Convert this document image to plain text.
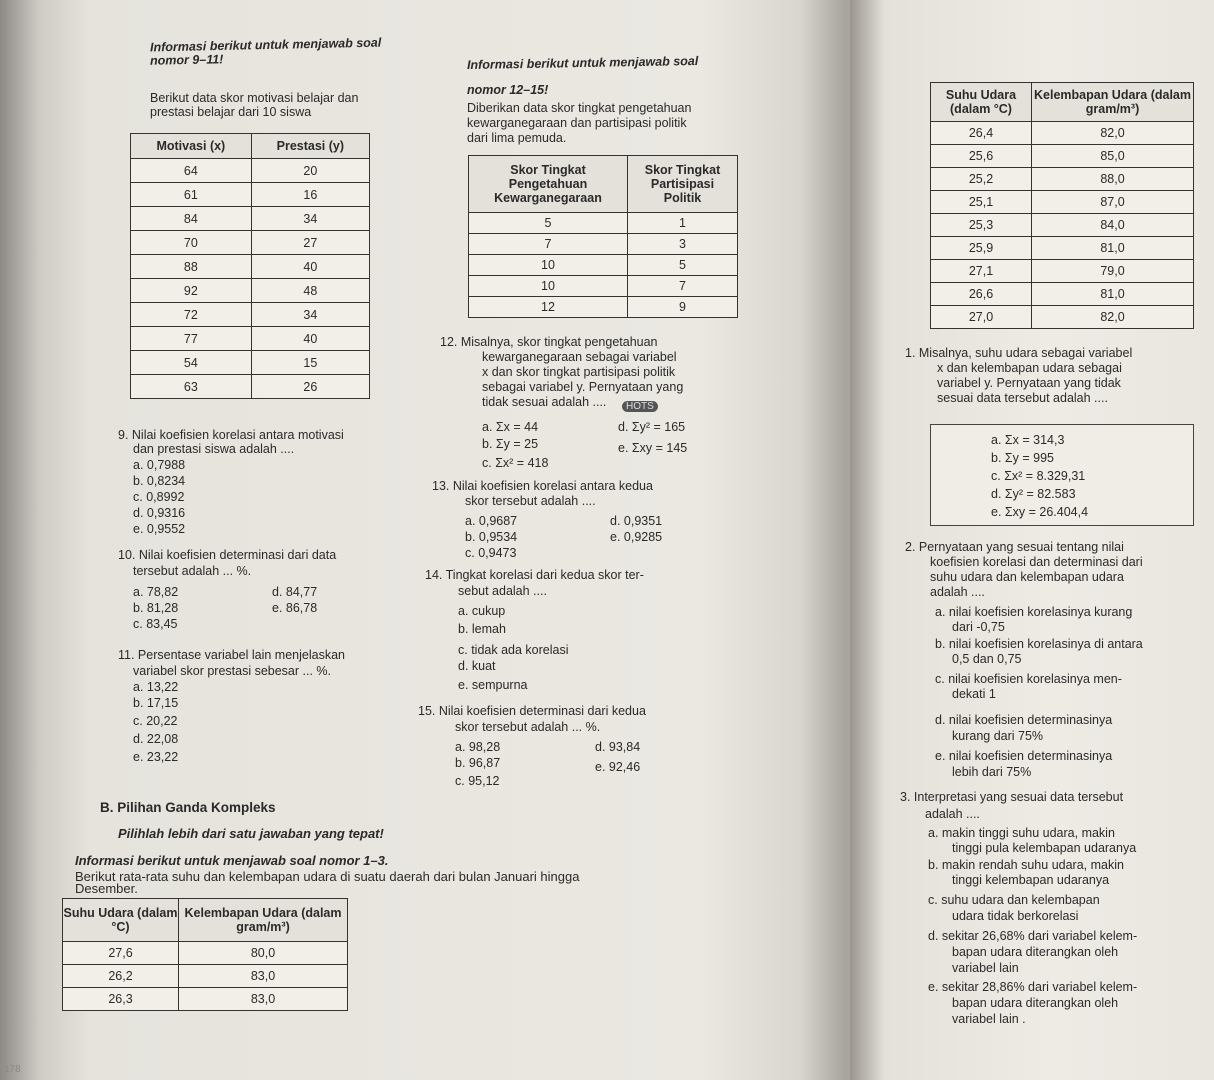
Informasi berikut untuk menjawab soal
nomor 9–11!
Berikut data skor motivasi belajar dan
prestasi belajar dari 10 siswa
Motivasi (x)	Prestasi (y)
64	20
61	16
84	34
70	27
88	40
92	48
72	34
77	40
54	15
63	26
9. Nilai koefisien korelasi antara motivasi
dan prestasi siswa adalah ....
a. 0,7988
b. 0,8234
c. 0,8992
d. 0,9316
e. 0,9552
10. Nilai koefisien determinasi dari data
tersebut adalah ... %.
a. 78,82	d. 84,77
b. 81,28	e. 86,78
c. 83,45
11. Persentase variabel lain menjelaskan
variabel skor prestasi sebesar ... %.
a. 13,22
b. 17,15
c. 20,22
d. 22,08
e. 23,22
B. Pilihan Ganda Kompleks
Pilihlah lebih dari satu jawaban yang tepat!
Informasi berikut untuk menjawab soal nomor 1–3.
Berikut rata-rata suhu dan kelembapan udara di suatu daerah dari bulan Januari hingga
Desember.
Suhu Udara (dalam °C)	Kelembapan Udara (dalam gram/m³)
27,6	80,0
26,2	83,0
26,3	83,0
178
Informasi berikut untuk menjawab soal
nomor 12–15!
Diberikan data skor tingkat pengetahuan
kewarganegaraan dan partisipasi politik
dari lima pemuda.
Skor Tingkat Pengetahuan Kewarganegaraan	Skor Tingkat Partisipasi Politik
5	1
7	3
10	5
10	7
12	9
12. Misalnya, skor tingkat pengetahuan
kewarganegaraan sebagai variabel
x dan skor tingkat partisipasi politik
sebagai variabel y. Pernyataan yang
tidak sesuai adalah ....	HOTS
a. Σx = 44	d. Σy² = 165
b. Σy = 25	e. Σxy = 145
c. Σx² = 418
13. Nilai koefisien korelasi antara kedua
skor tersebut adalah ....
a. 0,9687	d. 0,9351
b. 0,9534	e. 0,9285
c. 0,9473
14. Tingkat korelasi dari kedua skor ter-
sebut adalah ....
a. cukup
b. lemah
c. tidak ada korelasi
d. kuat
e. sempurna
15. Nilai koefisien determinasi dari kedua
skor tersebut adalah ... %.
a. 98,28	d. 93,84
b. 96,87	e. 92,46
c. 95,12
Suhu Udara (dalam °C)	Kelembapan Udara (dalam gram/m³)
26,4	82,0
25,6	85,0
25,2	88,0
25,1	87,0
25,3	84,0
25,9	81,0
27,1	79,0
26,6	81,0
27,0	82,0
1. Misalnya, suhu udara sebagai variabel
x dan kelembapan udara sebagai
variabel y. Pernyataan yang tidak
sesuai data tersebut adalah ....
a. Σx = 314,3
b. Σy = 995
c. Σx² = 8.329,31
d. Σy² = 82.583
e. Σxy = 26.404,4
2. Pernyataan yang sesuai tentang nilai
koefisien korelasi dan determinasi dari
suhu udara dan kelembapan udara
adalah ....
a. nilai koefisien korelasinya kurang
dari -0,75
b. nilai koefisien korelasinya di antara
0,5 dan 0,75
c. nilai koefisien korelasinya men-
dekati 1
d. nilai koefisien determinasinya
kurang dari 75%
e. nilai koefisien determinasinya
lebih dari 75%
3. Interpretasi yang sesuai data tersebut
adalah ....
a. makin tinggi suhu udara, makin
tinggi pula kelembapan udaranya
b. makin rendah suhu udara, makin
tinggi kelembapan udaranya
c. suhu udara dan kelembapan
udara tidak berkorelasi
d. sekitar 26,68% dari variabel kelem-
bapan udara diterangkan oleh
variabel lain
e. sekitar 28,86% dari variabel kelem-
bapan udara diterangkan oleh
variabel lain .
